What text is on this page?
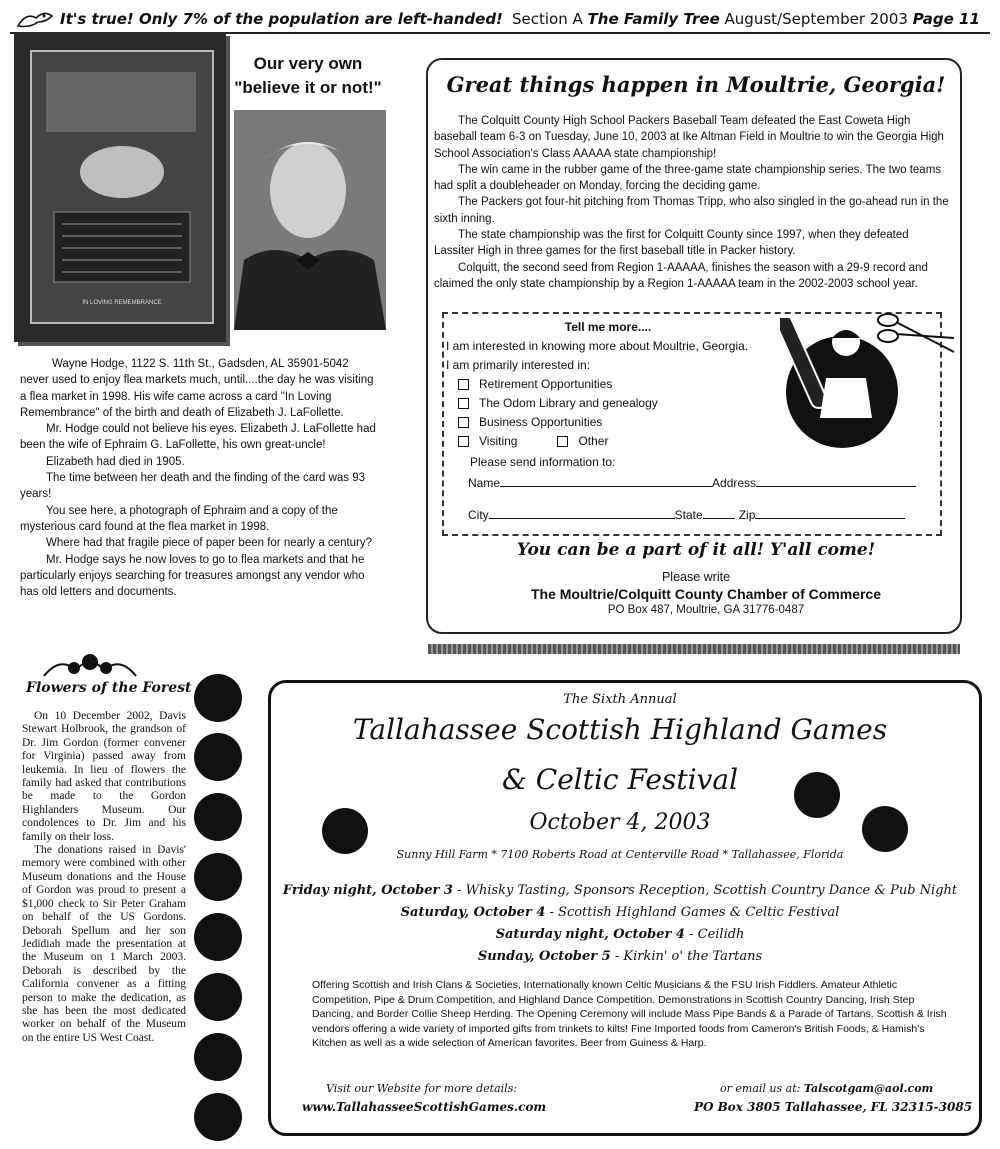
It's true! Only 7% of the population are left-handed! Section A The Family Tree August/September 2003 Page 11
IN LOVING REMEMBRANCE
Our very own
"believe it or not!"

Wayne Hodge, 1122 S. 11th St., Gadsden, AL 35901-5042 never used to enjoy flea markets much, until....the day he was visiting a flea market in 1998. His wife came across a card "In Loving Remembrance" of the birth and death of Elizabeth J. LaFollette.

Mr. Hodge could not believe his eyes. Elizabeth J. LaFollette had been the wife of Ephraim G. LaFollette, his own great-uncle!

Elizabeth had died in 1905.

The time between her death and the finding of the card was 93 years!

You see here, a photograph of Ephraim and a copy of the mysterious card found at the flea market in 1998.

Where had that fragile piece of paper been for nearly a century?

Mr. Hodge says he now loves to go to flea markets and that he particularly enjoys searching for treasures amongst any vendor who has old letters and documents.

Great things happen in Moultrie, Georgia!

The Colquitt County High School Packers Baseball Team defeated the East Coweta High baseball team 6-3 on Tuesday, June 10, 2003 at Ike Altman Field in Moultrie to win the Georgia High School Association's Class AAAAA state championship!

The win came in the rubber game of the three-game state championship series. The two teams had split a doubleheader on Monday, forcing the deciding game.

The Packers got four-hit pitching from Thomas Tripp, who also singled in the go-ahead run in the sixth inning.

The state championship was the first for Colquitt County since 1997, when they defeated Lassiter High in three games for the first baseball title in Packer history.

Colquitt, the second seed from Region 1-AAAAA, finishes the season with a 29-9 record and claimed the only state championship by a Region 1-AAAAA team in the 2002-2003 school year.

Tell me more....
I am interested in knowing more about Moultrie, Georgia.
I am primarily interested in:
Retirement Opportunities
The Odom Library and genealogy
Business Opportunities
Visiting	Other
Please send information to:
Name	Address
City	State	Zip
You can be a part of it all! Y'all come!
Please write
The Moultrie/Colquitt County Chamber of Commerce
PO Box 487, Moultrie, GA 31776-0487
Flowers of the Forest

On 10 December 2002, Davis Stewart Holbrook, the grandson of Dr. Jim Gordon (former convener for Virginia) passed away from leukemia. In lieu of flowers the family had asked that contributions be made to the Gordon Highlanders Museum. Our condolences to Dr. Jim and his family on their loss.

The donations raised in Davis' memory were combined with other Museum donations and the House of Gordon was proud to present a $1,000 check to Sir Peter Graham on behalf of the US Gordons. Deborah Spellum and her son Jedidiah made the presentation at the Museum on 1 March 2003. Deborah is described by the California convener as a fitting person to make the dedication, as she has been the most dedicated worker on behalf of the Museum on the entire US West Coast.

The Sixth Annual
Tallahassee Scottish Highland Games
& Celtic Festival
October 4, 2003
Sunny Hill Farm * 7100 Roberts Road at Centerville Road * Tallahassee, Florida
Friday night, October 3 - Whisky Tasting, Sponsors Reception, Scottish Country Dance & Pub Night
Saturday, October 4 - Scottish Highland Games & Celtic Festival
Saturday night, October 4 - Ceilidh
Sunday, October 5 - Kirkin' o' the Tartans
Offering Scottish and Irish Clans & Societies, Internationally known Celtic Musicians & the FSU Irish Fiddlers. Amateur Athletic Competition, Pipe & Drum Competition, and Highland Dance Competition. Demonstrations in Scottish Country Dancing, Irish Step Dancing, and Border Collie Sheep Herding. The Opening Ceremony will include Mass Pipe Bands & a Parade of Tartans. Scottish & Irish vendors offering a wide variety of imported gifts from trinkets to kilts! Fine Imported foods from Cameron's British Foods, & Hamish's Kitchen as well as a wide selection of American favorites. Beer from Guiness & Harp.
Visit our Website for more details:
www.TallahasseeScottishGames.com
or email us at: Talscotgam@aol.com
PO Box 3805 Tallahassee, FL 32315-3085
